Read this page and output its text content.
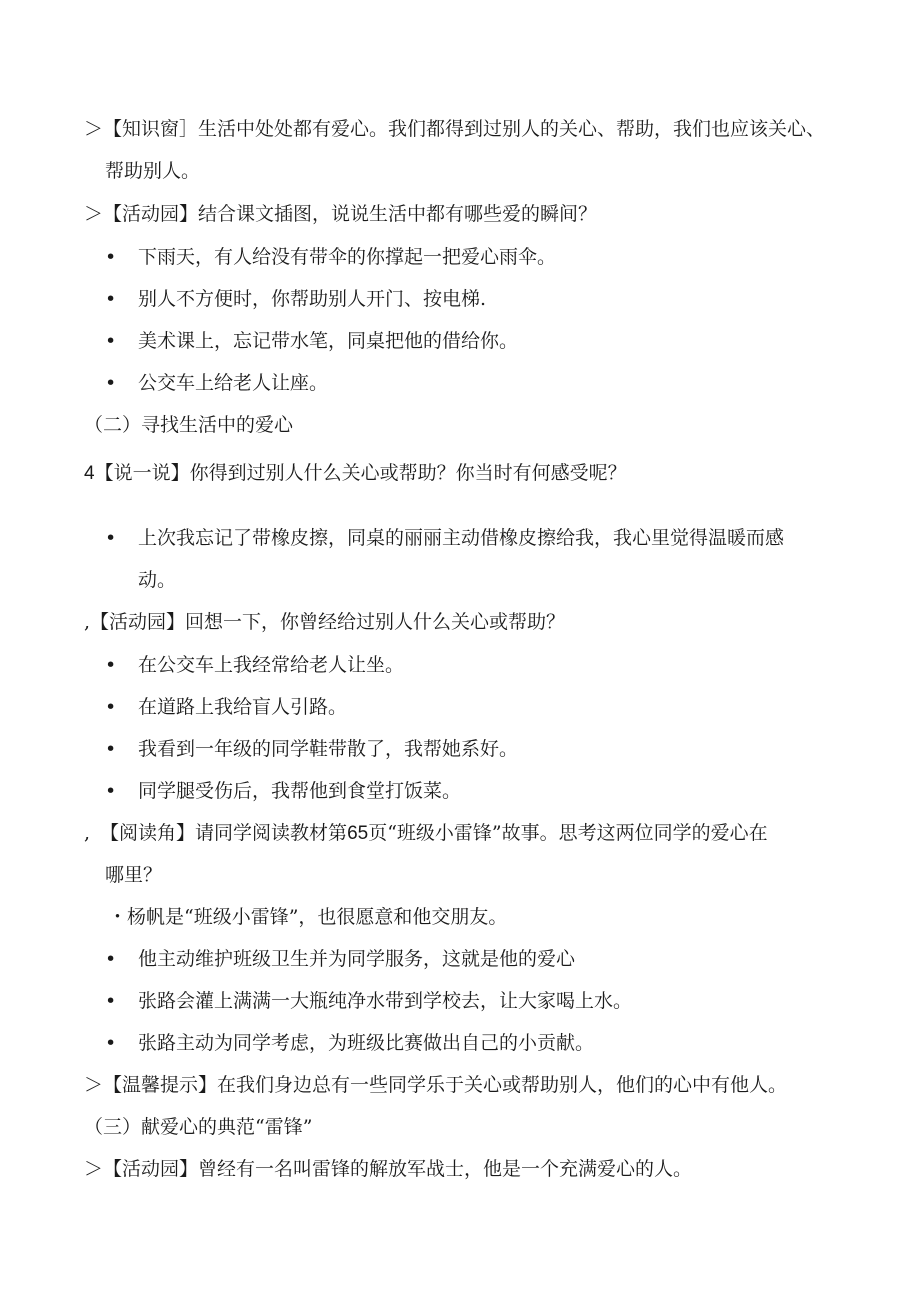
＞【知识窗］生活中处处都有爱心。我们都得到过别人的关心、帮助，我们也应该关心、
帮助别人。
＞【活动园】结合课文插图，说说生活中都有哪些爱的瞬间？
• 下雨天，有人给没有带伞的你撑起一把爱心雨伞。
• 别人不方便时，你帮助别人开门、按电梯.
• 美术课上，忘记带水笔，同桌把他的借给你。
• 公交车上给老人让座。
（二）寻找生活中的爱心
4【说一说】你得到过别人什么关心或帮助？你当时有何感受呢？
• 上次我忘记了带橡皮擦，同桌的丽丽主动借橡皮擦给我，我心里觉得温暖而感
动。
,【活动园】回想一下，你曾经给过别人什么关心或帮助？
• 在公交车上我经常给老人让坐。
• 在道路上我给盲人引路。
• 我看到一年级的同学鞋带散了，我帮她系好。
• 同学腿受伤后，我帮他到食堂打饭菜。
, 【阅读角】请同学阅读教材第65页“班级小雷锋”故事。思考这两位同学的爱心在
哪里？
・杨帆是“班级小雷锋”，也很愿意和他交朋友。
• 他主动维护班级卫生并为同学服务，这就是他的爱心
• 张路会灌上满满一大瓶纯净水带到学校去，让大家喝上水。
• 张路主动为同学考虑，为班级比赛做出自己的小贡献。
＞【温馨提示】在我们身边总有一些同学乐于关心或帮助别人，他们的心中有他人。
（三）献爱心的典范“雷锋”
＞【活动园】曾经有一名叫雷锋的解放军战士，他是一个充满爱心的人。
